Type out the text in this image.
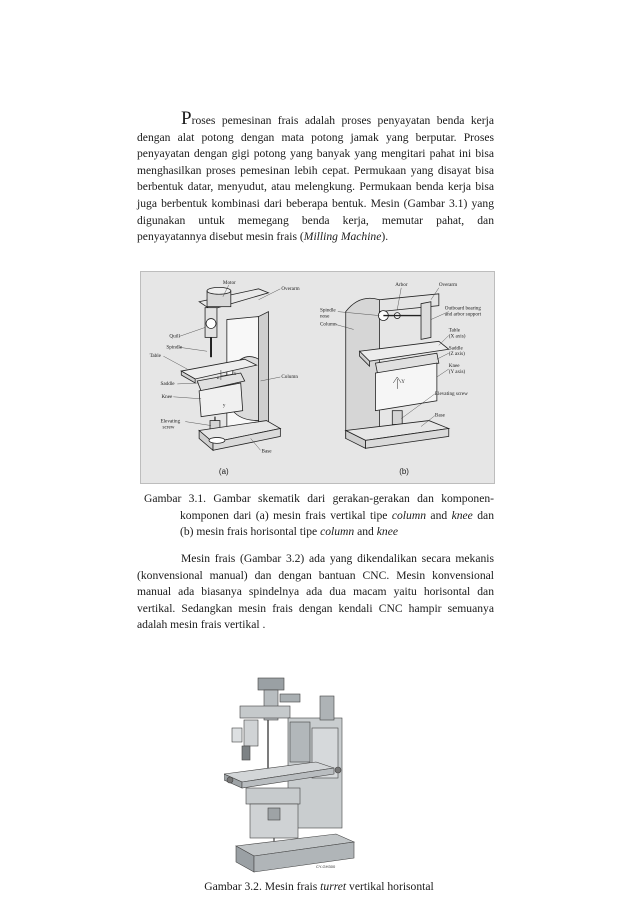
Proses pemesinan frais adalah proses penyayatan benda kerja dengan alat potong dengan mata potong jamak yang berputar. Proses penyayatan dengan gigi potong yang banyak yang mengitari pahat ini bisa menghasilkan proses pemesinan lebih cepat. Permukaan yang disayat bisa berbentuk datar, menyudut, atau melengkung. Permukaan benda kerja bisa juga berbentuk kombinasi dari beberapa bentuk. Mesin (Gambar 3.1) yang digunakan untuk memegang benda kerja, memutar pahat, dan penyayatannya disebut mesin frais (Milling Machine).

Motor
Overarm
Quill
Spindle
Table
Saddle
Knee
Column
Elevating
screw
Base
z
x
y
(a)
Arbor	Overarm
Spindle
nose
Column
Outboard bearing
and arbor support
Table
(X axis)
Saddle
(Z axis)
Knee
(Y axis)
Elevating screw
Base
Y
(b)

Gambar 3.1. Gambar skematik dari gerakan-gerakan dan komponen-komponen dari (a) mesin frais vertikal tipe column and knee dan (b) mesin frais horisontal tipe column and knee

Mesin frais (Gambar 3.2) ada yang dikendalikan secara mekanis (konvensional manual) dan dengan bantuan CNC. Mesin konvensional manual ada biasanya spindelnya ada dua macam yaitu horisontal dan vertikal. Sedangkan mesin frais dengan kendali CNC hampir semuanya adalah mesin frais vertikal .

CY-GH300

Gambar 3.2. Mesin frais turret vertikal horisontal
